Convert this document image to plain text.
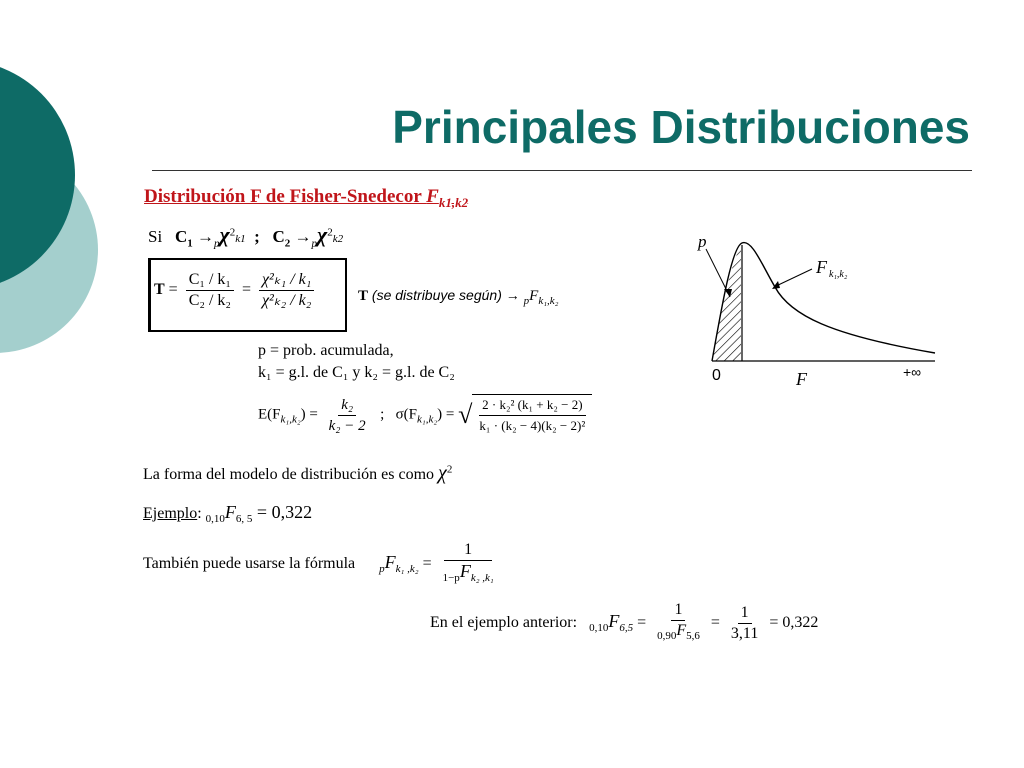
Principales Distribuciones
Distribución F de Fisher-Snedecor $F_{k1,k2}$
Si $C_1 \to_p\chi^2k1$ ; $C_2 \to_p\chi^2k2$
$T = \frac{\text{C₁ / k₁}}{\text{C₂ / k₂}} = \frac{\text{χ²ₖ₁ / k₁}}{\text{χ²ₖ₂ / k₂}}$	T (se distribuye según) → $_pF_{k_1,k_2}$
p = prob. acumulada,
k₁ = g.l. de C₁ y k₂ = g.l. de C₂
$E(F_{k_1,k_2}) = \frac{\text{k₂}}{\text{k₂ − 2}}$ ; $\sigma(F_{k_1,k_2})$ = √ $\frac{\text{2 · k₂² (k₁ + k₂ − 2)}}{\text{k₁ · (k₂ − 4)(k₂ − 2)²}}$
La forma del modelo de distribución es como $\chi^2$
Ejemplo: $_{0,10}F_{6, 5} = 0,322$
También puede usarse la fórmula $_pF_{k_1 ,k_2} = \frac{1}{_{1-p}F_{k_2 ,k_1}}$
En el ejemplo anterior: $_{0,10}F_{6,5} = \frac{1}{_{0,90}F_{5,6}} = \frac{1}{3,11} = 0,322$
p
F k₁,k₂
0	F	+∞
